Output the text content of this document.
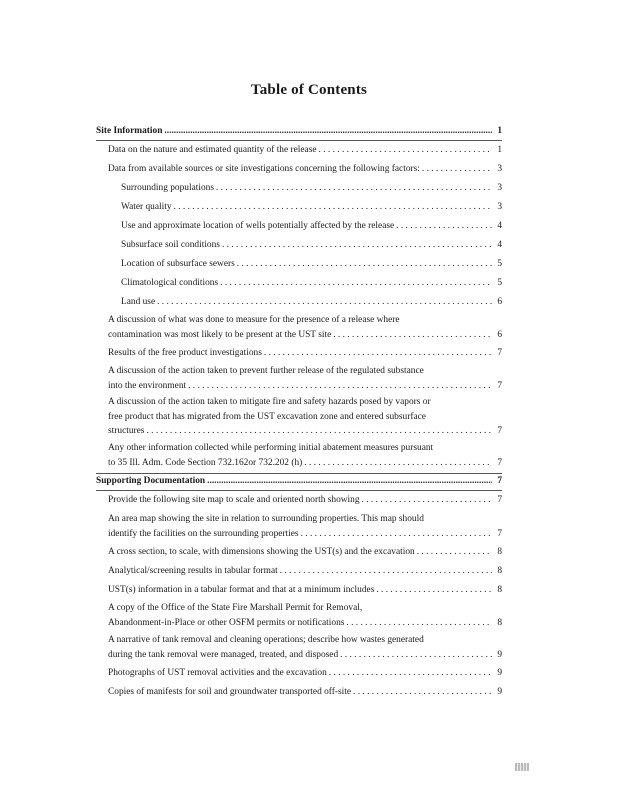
Table of Contents
Site Information .....	1
Data on the nature and estimated quantity of the release . . .	1
Data from available sources or site investigations concerning the following factors: . . .	3
Surrounding populations . . .	3
Water quality . . .	3
Use and approximate location of wells potentially affected by the release . . .	4
Subsurface soil conditions . . .	4
Location of subsurface sewers . . .	5
Climatological conditions . . .	5
Land use . . .	6
A discussion of what was done to measure for the presence of a release where
contamination was most likely to be present at the UST site . . .	6
Results of the free product investigations . . .	7
A discussion of the action taken to prevent further release of the regulated substance
into the environment . . .	7
A discussion of the action taken to mitigate fire and safety hazards posed by vapors or
free product that has migrated from the UST excavation zone and entered subsurface
structures . . .	7
Any other information collected while performing initial abatement measures pursuant
to 35 Ill. Adm. Code Section 732.162or 732.202 (h) . . .	7
Supporting Documentation .....	7
Provide the following site map to scale and oriented north showing . . .	7
An area map showing the site in relation to surrounding properties. This map should
identify the facilities on the surrounding properties . . .	7
A cross section, to scale, with dimensions showing the UST(s) and the excavation . . .	8
Analytical/screening results in tabular format . . .	8
UST(s) information in a tabular format and that at a minimum includes . . .	8
A copy of the Office of the State Fire Marshall Permit for Removal,
Abandonment-in-Place or other OSFM permits or notifications . . .	8
A narrative of tank removal and cleaning operations; describe how wastes generated
during the tank removal were managed, treated, and disposed . . .	9
Photographs of UST removal activities and the excavation . . .	9
Copies of manifests for soil and groundwater transported off-site . . .	9
